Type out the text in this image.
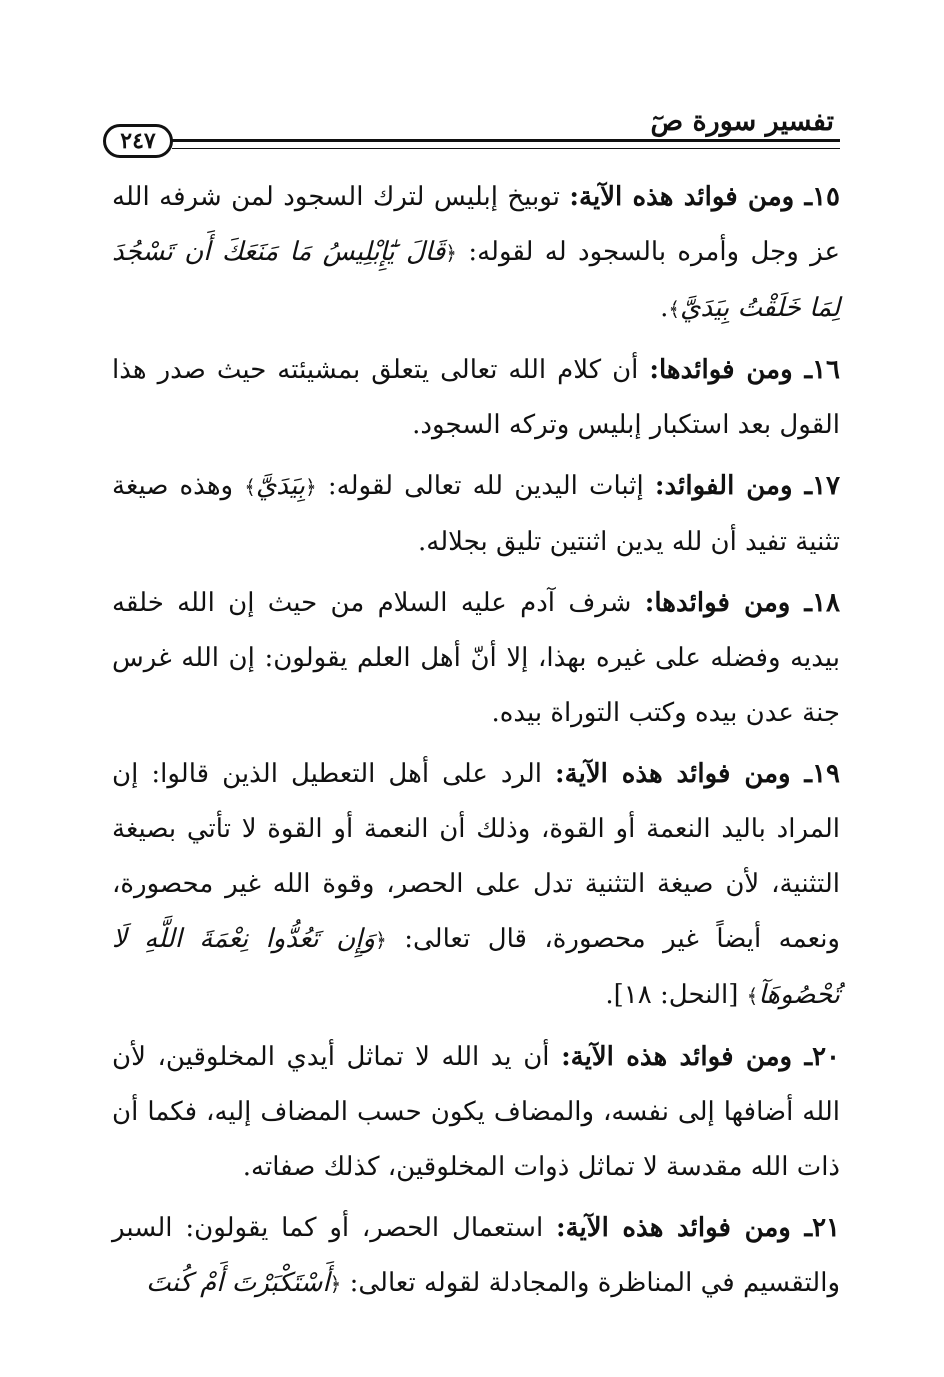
تفسير سورة صٓ
٢٤٧

١٥ـ ومن فوائد هذه الآية: توبيخ إبليس لترك السجود لمن شرفه الله عز وجل وأمره بالسجود له لقوله: ﴿قَالَ يَٰٓإِبْلِيسُ مَا مَنَعَكَ أَن تَسْجُدَ لِمَا خَلَقْتُ بِيَدَيَّ﴾.

١٦ـ ومن فوائدها: أن كلام الله تعالى يتعلق بمشيئته حيث صدر هذا القول بعد استكبار إبليس وتركه السجود.

١٧ـ ومن الفوائد: إثبات اليدين لله تعالى لقوله: ﴿بِيَدَيَّ﴾ وهذه صيغة تثنية تفيد أن لله يدين اثنتين تليق بجلاله.

١٨ـ ومن فوائدها: شرف آدم عليه السلام من حيث إن الله خلقه بيديه وفضله على غيره بهذا، إلا أنّ أهل العلم يقولون: إن الله غرس جنة عدن بيده وكتب التوراة بيده.

١٩ـ ومن فوائد هذه الآية: الرد على أهل التعطيل الذين قالوا: إن المراد باليد النعمة أو القوة، وذلك أن النعمة أو القوة لا تأتي بصيغة التثنية، لأن صيغة التثنية تدل على الحصر، وقوة الله غير محصورة، ونعمه أيضاً غير محصورة، قال تعالى: ﴿وَإِن تَعُدُّوا نِعْمَةَ اللَّهِ لَا تُحْصُوهَآ﴾ [النحل: ١٨].

٢٠ـ ومن فوائد هذه الآية: أن يد الله لا تماثل أيدي المخلوقين، لأن الله أضافها إلى نفسه، والمضاف يكون حسب المضاف إليه، فكما أن ذات الله مقدسة لا تماثل ذوات المخلوقين، كذلك صفاته.

٢١ـ ومن فوائد هذه الآية: استعمال الحصر، أو كما يقولون: السبر والتقسيم في المناظرة والمجادلة لقوله تعالى: ﴿أَسْتَكْبَرْتَ أَمْ كُنتَ
